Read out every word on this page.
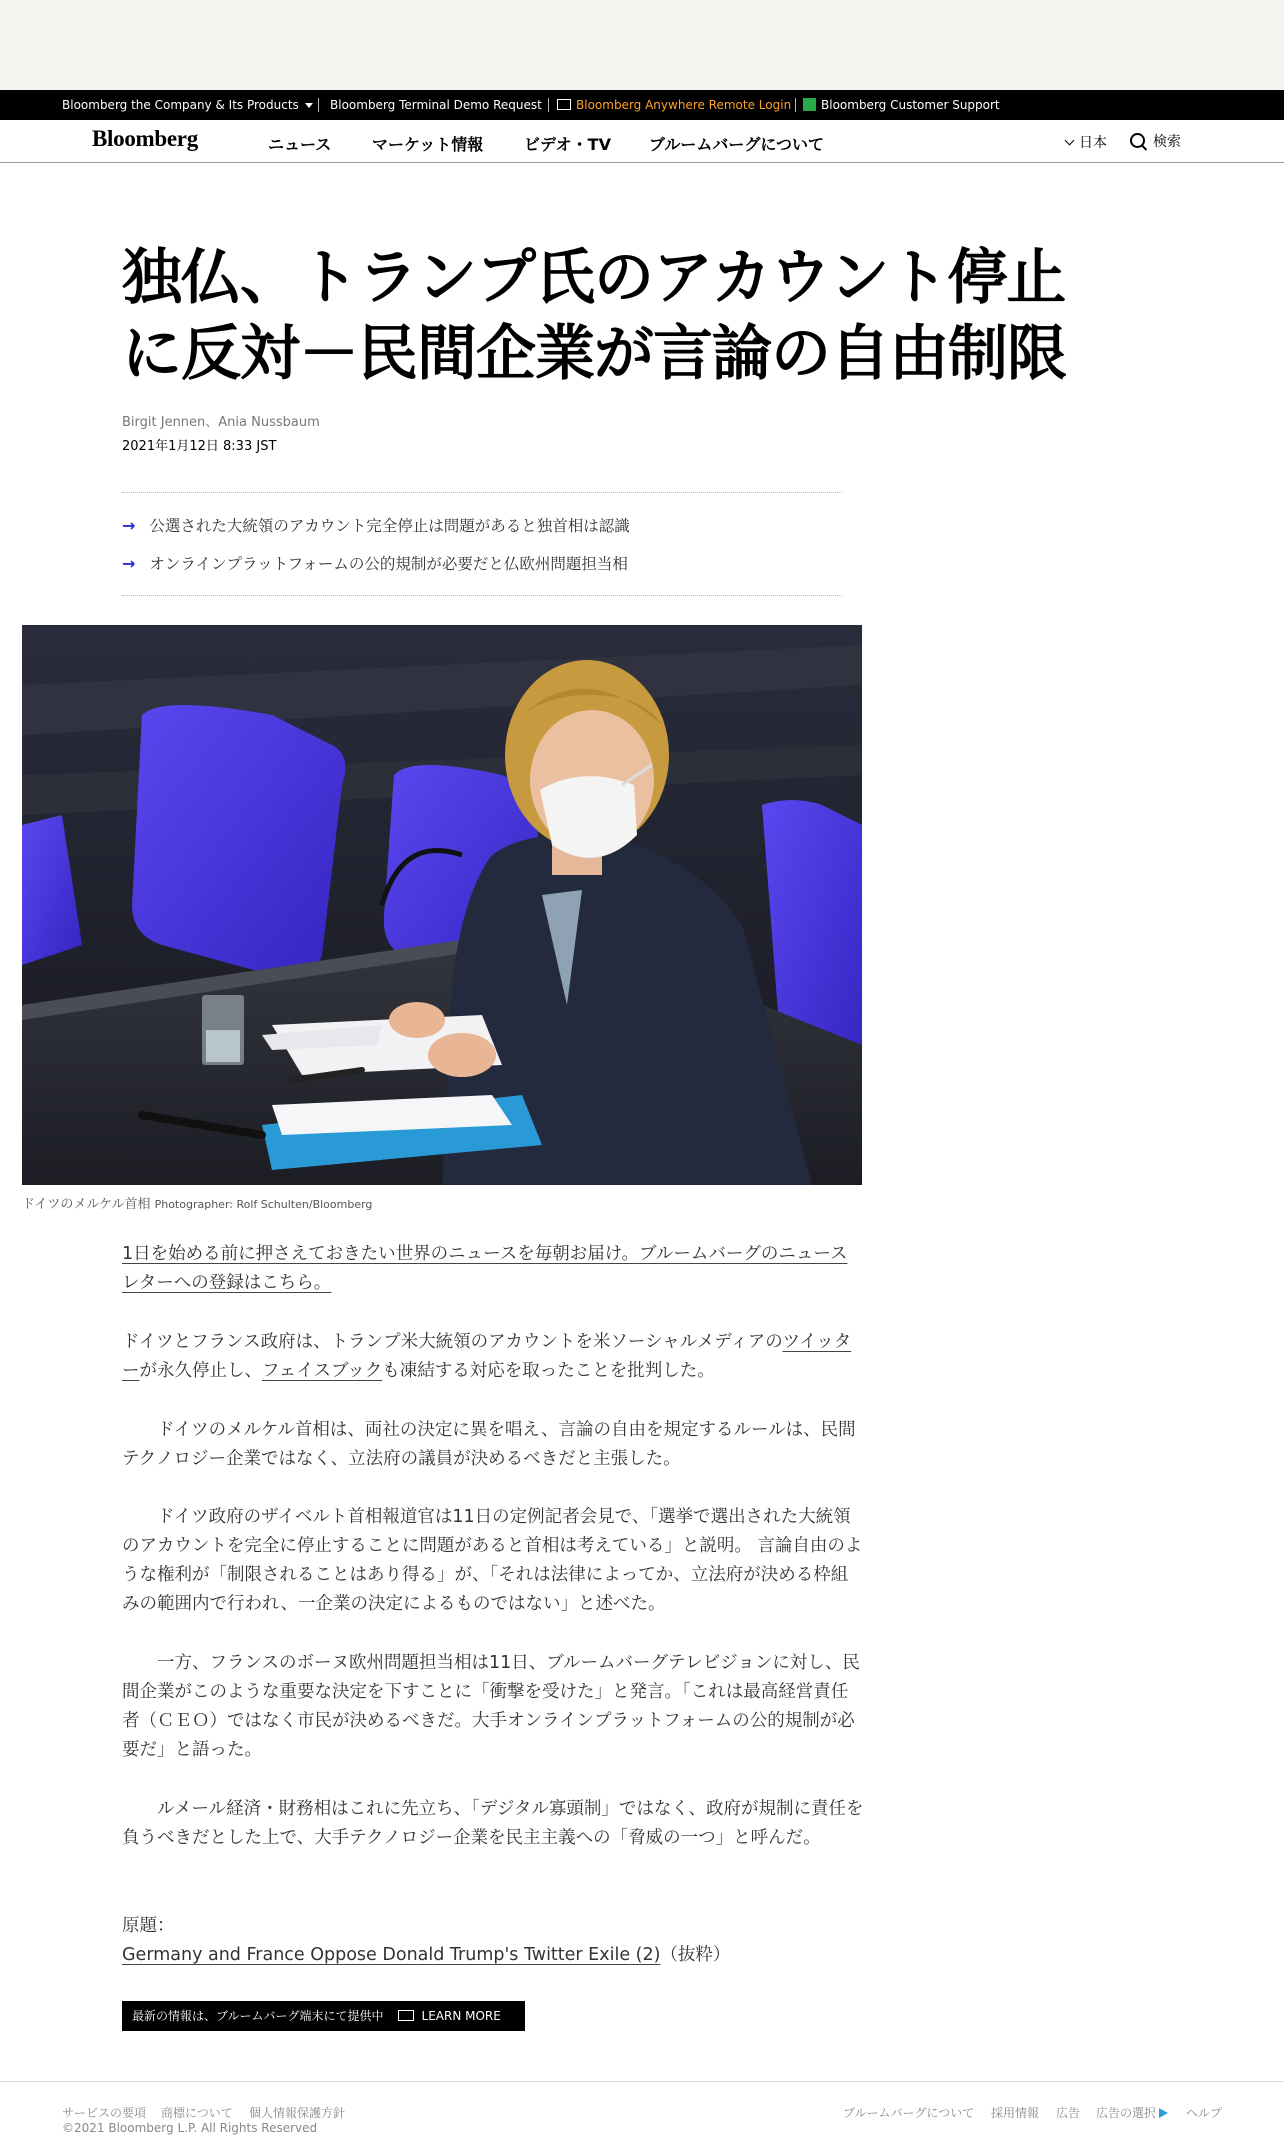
Bloomberg the Company & Its Products	Bloomberg Terminal Demo Request	Bloomberg Anywhere Remote Login	Bloomberg Customer Support
Bloomberg	ニュース	マーケット情報	ビデオ・TV ブルームバーグについて	日本	検索
独仏、トランプ氏のアカウント停止
に反対－民間企業が言論の自由制限
Birgit Jennen、Ania Nussbaum
2021年1月12日 8:33 JST
→ 公選された大統領のアカウント完全停止は問題があると独首相は認識
→ オンラインプラットフォームの公的規制が必要だと仏欧州問題担当相
ドイツのメルケル首相 Photographer: Rolf Schulten/Bloomberg

1日を始める前に押さえておきたい世界のニュースを毎朝お届け。ブルームバーグのニュースレターへの登録はこちら。

ドイツとフランス政府は、トランプ米大統領のアカウントを米ソーシャルメディアのツイッターが永久停止し、フェイスブックも凍結する対応を取ったことを批判した。

ドイツのメルケル首相は、両社の決定に異を唱え、言論の自由を規定するルールは、民間テクノロジー企業ではなく、立法府の議員が決めるべきだと主張した。

ドイツ政府のザイベルト首相報道官は11日の定例記者会見で、「選挙で選出された大統領のアカウントを完全に停止することに問題があると首相は考えている」と説明。 言論自由のような権利が「制限されることはあり得る」が、「それは法律によってか、立法府が決める枠組みの範囲内で行われ、一企業の決定によるものではない」と述べた。

一方、フランスのボーヌ欧州問題担当相は11日、ブルームバーグテレビジョンに対し、民間企業がこのような重要な決定を下すことに「衝撃を受けた」と発言。「これは最高経営責任者（ＣＥＯ）ではなく市民が決めるべきだ。大手オンラインプラットフォームの公的規制が必要だ」と語った。

ルメール経済・財務相はこれに先立ち、「デジタル寡頭制」ではなく、政府が規制に責任を負うべきだとした上で、大手テクノロジー企業を民主主義への「脅威の一つ」と呼んだ。

原題：
Germany and France Oppose Donald Trump's Twitter Exile (2)（抜粋）

最新の情報は、ブルームバーグ端末にて提供中	LEARN MORE
サービスの要項 商標について 個人情報保護方針
©2021 Bloomberg L.P. All Rights Reserved
ブルームバーグについて 採用情報 広告 広告の選択	ヘルプ
